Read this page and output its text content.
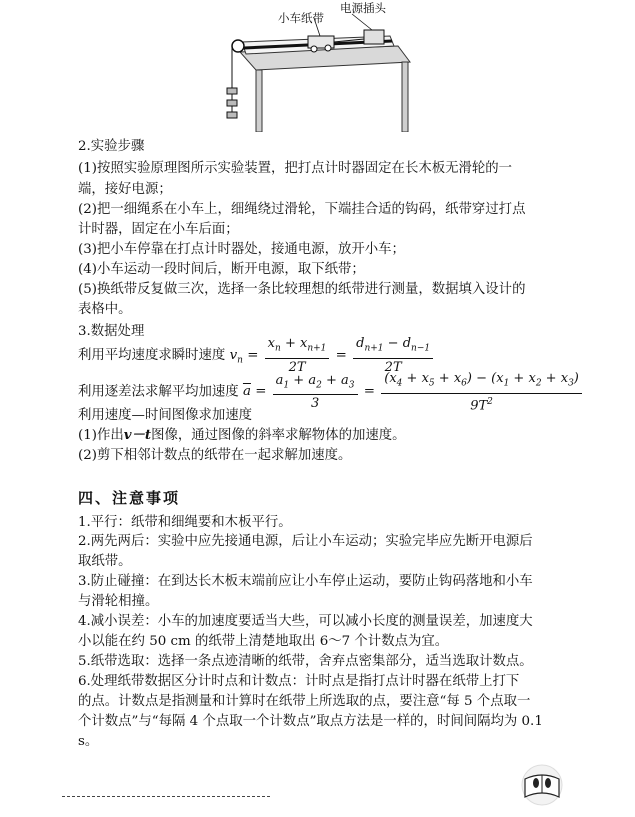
小车纸带
电源插头
2.实验步骤
(1)按照实验原理图所示实验装置，把打点计时器固定在长木板无滑轮的一
端，接好电源；
(2)把一细绳系在小车上，细绳绕过滑轮，下端挂合适的钩码，纸带穿过打点
计时器，固定在小车后面；
(3)把小车停靠在打点计时器处，接通电源，放开小车；
(4)小车运动一段时间后，断开电源，取下纸带；
(5)换纸带反复做三次，选择一条比较理想的纸带进行测量，数据填入设计的
表格中。
3.数据处理
利用平均速度求瞬时速度 $v_n = \frac{x_n + x_{n+1}}{2T} = \frac{d_{n+1} - d_{n-1}}{2T}$
利用逐差法求解平均加速度 $\overline{a} = \frac{a_1 + a_2 + a_3}{3} = \frac{(x_4 + x_5 + x_6) - (x_1 + x_2 + x_3)}{9T^2}$
利用速度—时间图像求加速度
(1)作出v－t图像，通过图像的斜率求解物体的加速度。
(2)剪下相邻计数点的纸带在一起求解加速度。
四、注意事项
1.平行：纸带和细绳要和木板平行。
2.两先两后：实验中应先接通电源，后让小车运动；实验完毕应先断开电源后
取纸带。
3.防止碰撞：在到达长木板末端前应让小车停止运动，要防止钩码落地和小车
与滑轮相撞。
4.减小误差：小车的加速度要适当大些，可以减小长度的测量误差，加速度大
小以能在约 50 cm 的纸带上清楚地取出 6～7 个计数点为宜。
5.纸带选取：选择一条点迹清晰的纸带，舍弃点密集部分，适当选取计数点。
6.处理纸带数据区分计时点和计数点：计时点是指打点计时器在纸带上打下
的点。计数点是指测量和计算时在纸带上所选取的点，要注意“每 5 个点取一
个计数点”与“每隔 4 个点取一个计数点”取点方法是一样的，时间间隔均为 0.1
s。
